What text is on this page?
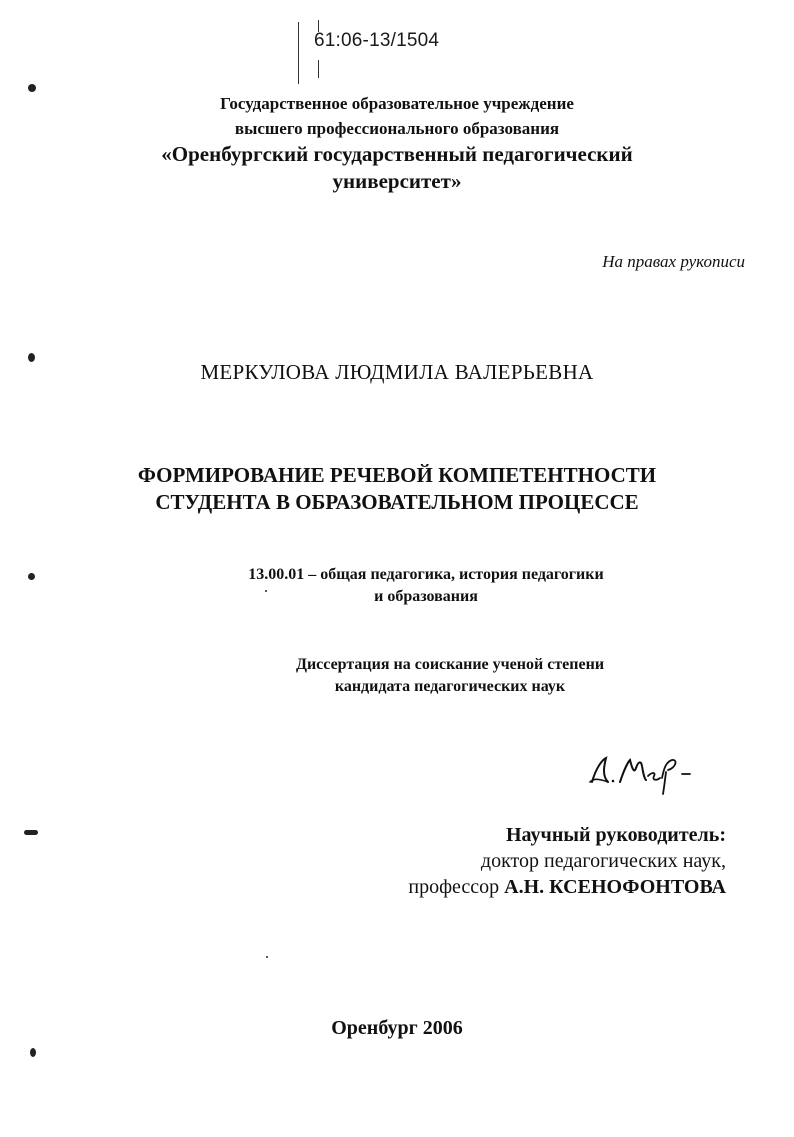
61:06-13/1504
Государственное образовательное учреждение
высшего профессионального образования
«Оренбургский государственный педагогический
университет»
На правах рукописи
МЕРКУЛОВА ЛЮДМИЛА ВАЛЕРЬЕВНА
ФОРМИРОВАНИЕ РЕЧЕВОЙ КОМПЕТЕНТНОСТИ
СТУДЕНТА В ОБРАЗОВАТЕЛЬНОМ ПРОЦЕССЕ
13.00.01 – общая педагогика, история педагогики
и образования
Диссертация на соискание ученой степени
кандидата педагогических наук
Научный руководитель:
доктор педагогических наук,
профессор А.Н. КСЕНОФОНТОВА
Оренбург 2006
